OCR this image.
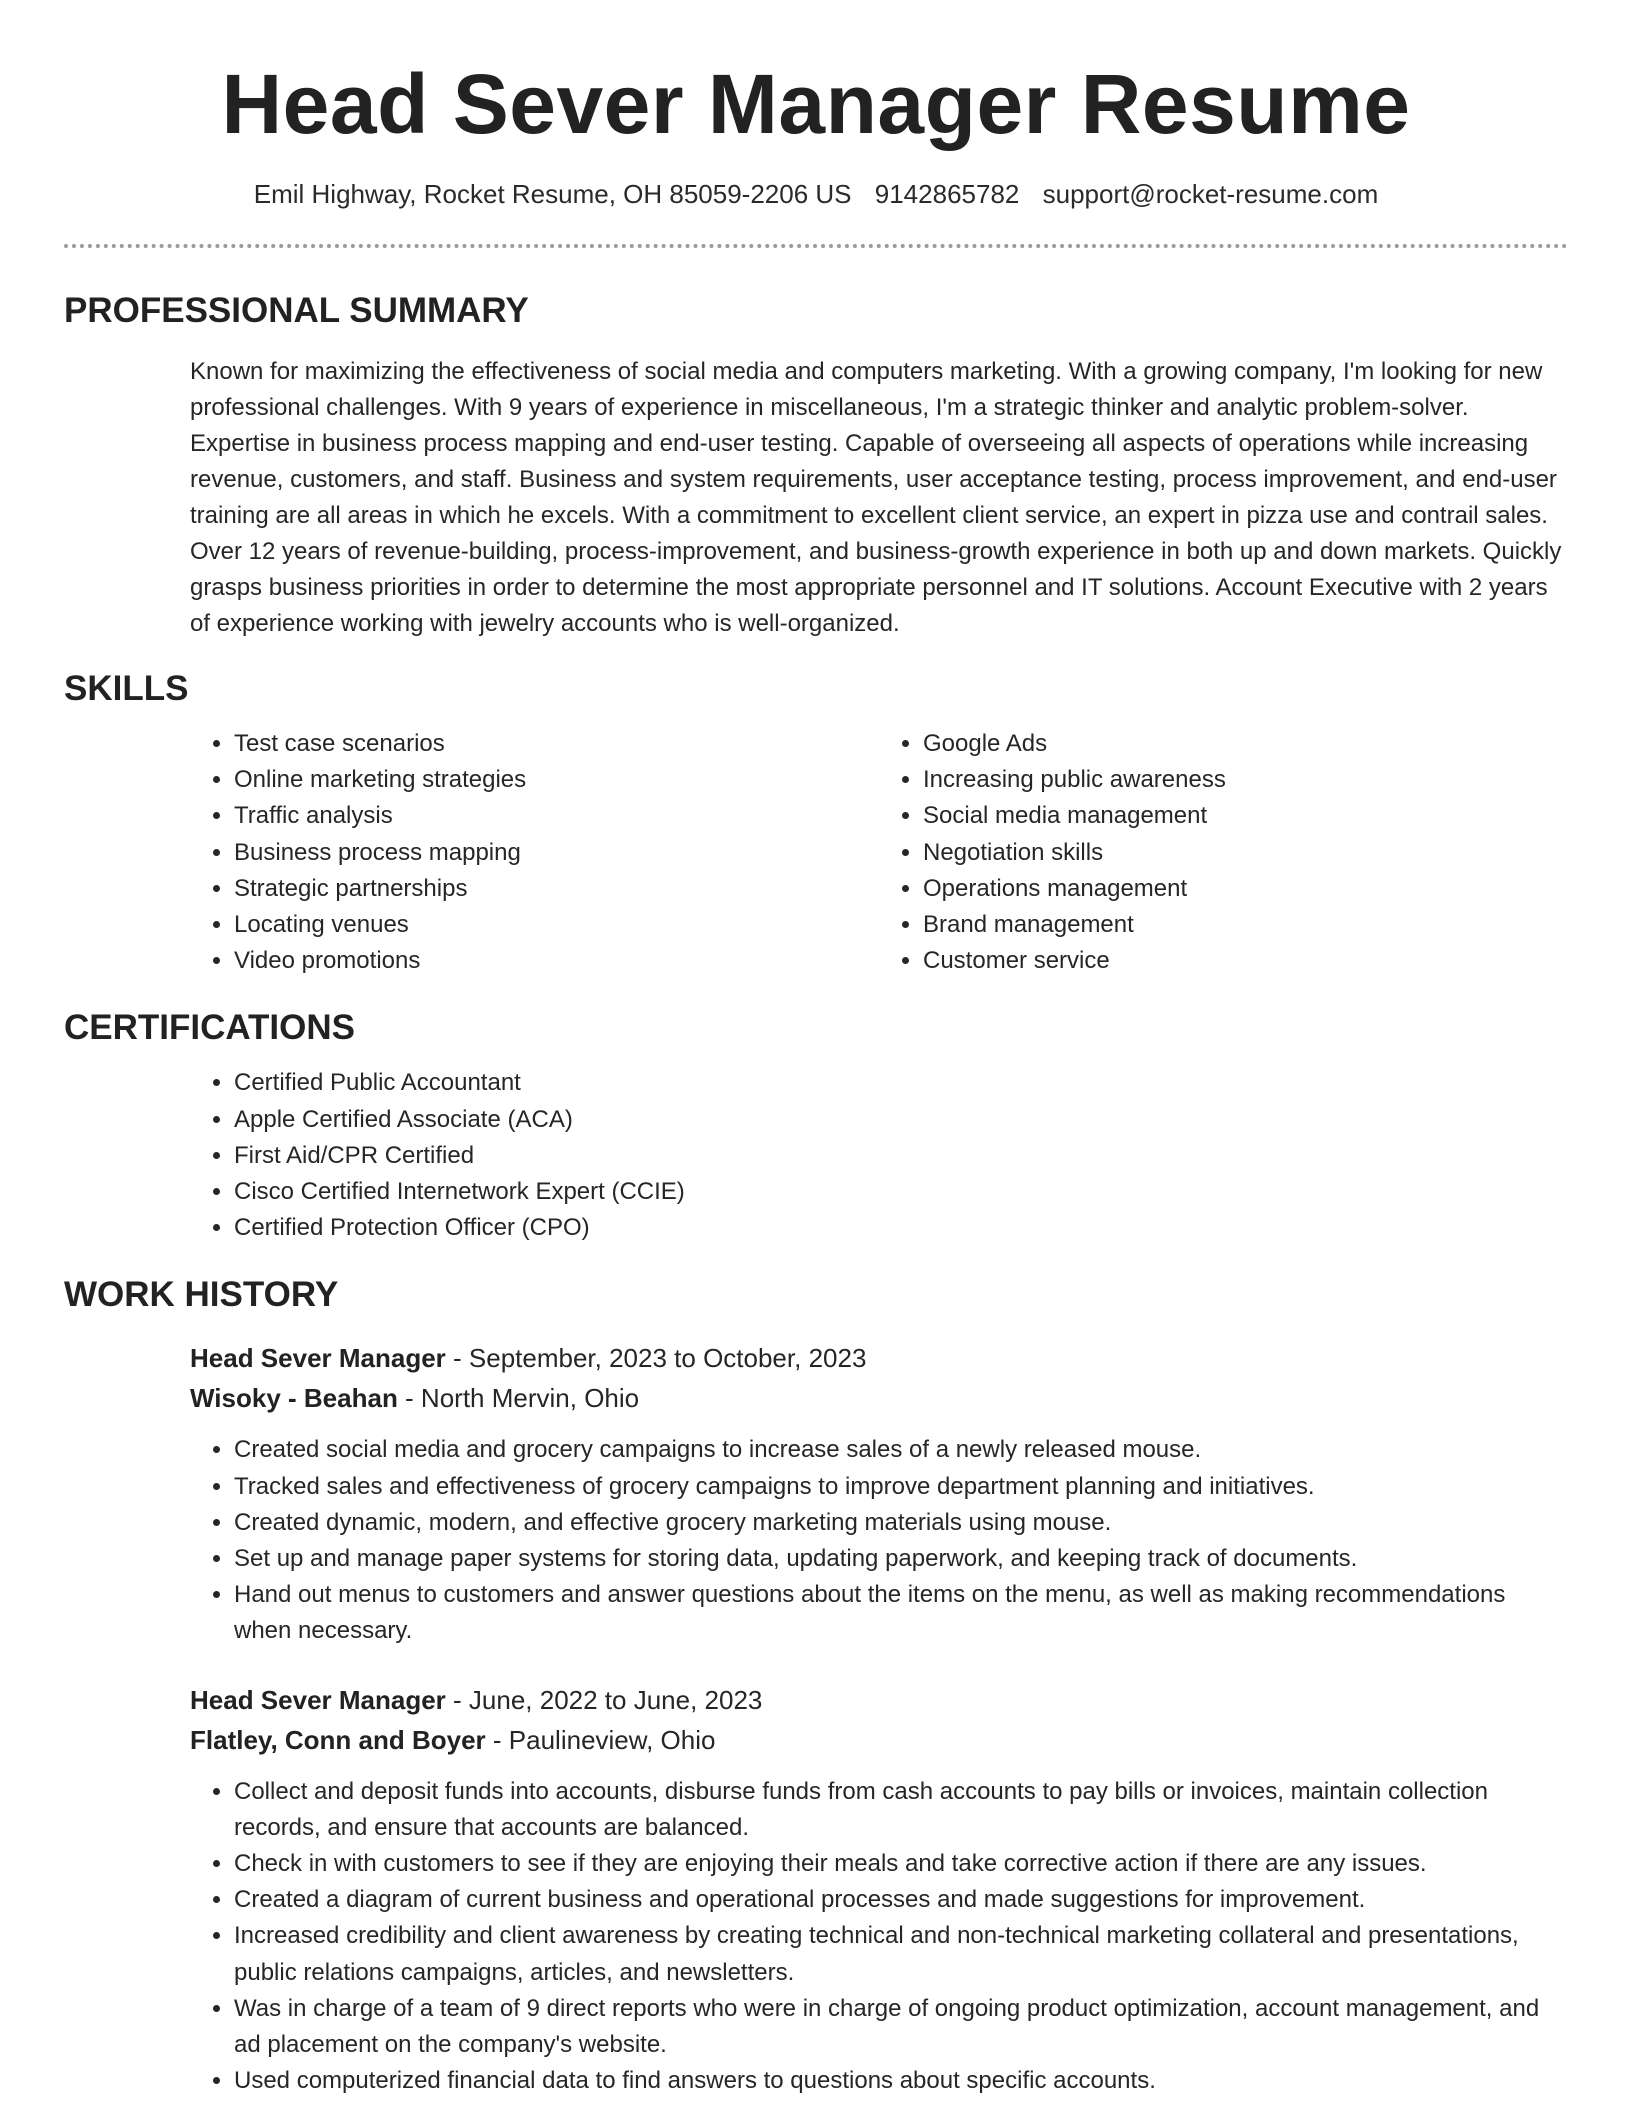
Head Sever Manager Resume
Emil Highway, Rocket Resume, OH 85059-2206 US 9142865782 support@rocket-resume.com
PROFESSIONAL SUMMARY

Known for maximizing the effectiveness of social media and computers marketing. With a growing company, I'm looking for new professional challenges. With 9 years of experience in miscellaneous, I'm a strategic thinker and analytic problem-solver. Expertise in business process mapping and end-user testing. Capable of overseeing all aspects of operations while increasing revenue, customers, and staff. Business and system requirements, user acceptance testing, process improvement, and end-user training are all areas in which he excels. With a commitment to excellent client service, an expert in pizza use and contrail sales. Over 12 years of revenue-building, process-improvement, and business-growth experience in both up and down markets. Quickly grasps business priorities in order to determine the most appropriate personnel and IT solutions. Account Executive with 2 years of experience working with jewelry accounts who is well-organized.

SKILLS
• Test case scenarios
• Online marketing strategies
• Traffic analysis
• Business process mapping
• Strategic partnerships
• Locating venues
• Video promotions
• Google Ads
• Increasing public awareness
• Social media management
• Negotiation skills
• Operations management
• Brand management
• Customer service
CERTIFICATIONS
• Certified Public Accountant
• Apple Certified Associate (ACA)
• First Aid/CPR Certified
• Cisco Certified Internetwork Expert (CCIE)
• Certified Protection Officer (CPO)
WORK HISTORY
Head Sever Manager - September, 2023 to October, 2023
Wisoky - Beahan - North Mervin, Ohio
• Created social media and grocery campaigns to increase sales of a newly released mouse.
• Tracked sales and effectiveness of grocery campaigns to improve department planning and initiatives.
• Created dynamic, modern, and effective grocery marketing materials using mouse.
• Set up and manage paper systems for storing data, updating paperwork, and keeping track of documents.
• Hand out menus to customers and answer questions about the items on the menu, as well as making recommendations when necessary.
Head Sever Manager - June, 2022 to June, 2023
Flatley, Conn and Boyer - Paulineview, Ohio
• Collect and deposit funds into accounts, disburse funds from cash accounts to pay bills or invoices, maintain collection records, and ensure that accounts are balanced.
• Check in with customers to see if they are enjoying their meals and take corrective action if there are any issues.
• Created a diagram of current business and operational processes and made suggestions for improvement.
• Increased credibility and client awareness by creating technical and non-technical marketing collateral and presentations, public relations campaigns, articles, and newsletters.
• Was in charge of a team of 9 direct reports who were in charge of ongoing product optimization, account management, and ad placement on the company's website.
• Used computerized financial data to find answers to questions about specific accounts.
